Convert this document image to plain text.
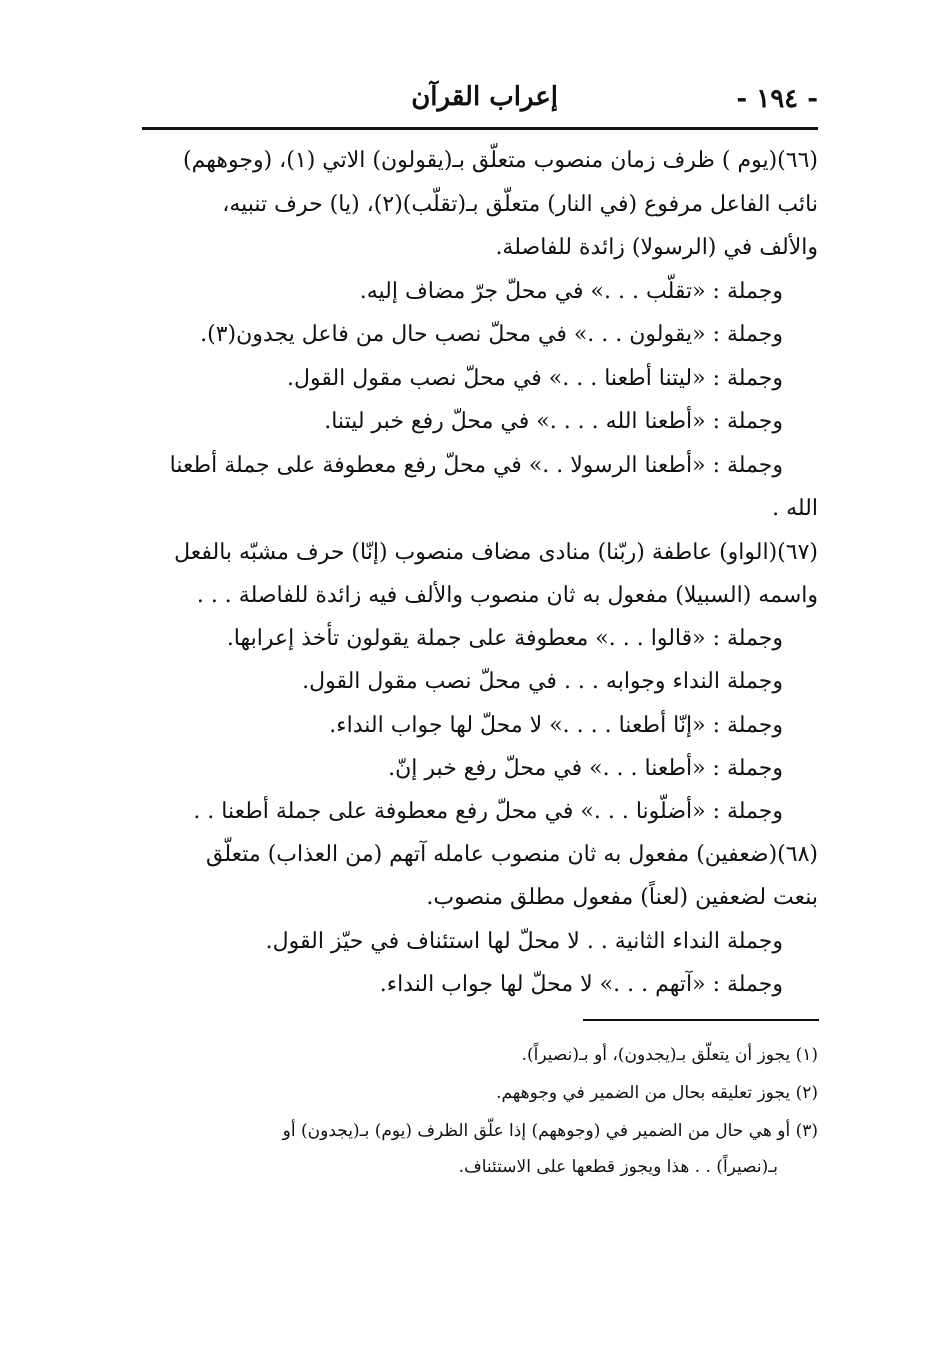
- ١٩٤ -
إعراب القرآن
(٦٦)(يوم ) ظرف زمان منصوب متعلّق بـ(يقولون) الاتي (١)، (وجوههم)
نائب الفاعل مرفوع (في النار) متعلّق بـ(تقلّب)(٢)، (يا) حرف تنبيه،
والألف في (الرسولا) زائدة للفاصلة.
وجملة : «تقلّب . . .» في محلّ جرّ مضاف إليه.
وجملة : «يقولون . . .» في محلّ نصب حال من فاعل يجدون(٣).
وجملة : «ليتنا أطعنا . . .» في محلّ نصب مقول القول.
وجملة : «أطعنا الله . . . .» في محلّ رفع خبر ليتنا.
وجملة : «أطعنا الرسولا . .» في محلّ رفع معطوفة على جملة أطعنا
الله .
(٦٧)(الواو) عاطفة (ربّنا) منادى مضاف منصوب (إنّا) حرف مشبّه بالفعل
واسمه (السبيلا) مفعول به ثان منصوب والألف فيه زائدة للفاصلة . . .
وجملة : «قالوا . . .» معطوفة على جملة يقولون تأخذ إعرابها.
وجملة النداء وجوابه . . . في محلّ نصب مقول القول.
وجملة : «إنّا أطعنا . . . .» لا محلّ لها جواب النداء.
وجملة : «أطعنا . . .» في محلّ رفع خبر إنّ.
وجملة : «أضلّونا . . .» في محلّ رفع معطوفة على جملة أطعنا . .
(٦٨)(ضعفين) مفعول به ثان منصوب عامله آتهم (من العذاب) متعلّق
بنعت لضعفين (لعناً) مفعول مطلق منصوب.
وجملة النداء الثانية . . لا محلّ لها استئناف في حيّز القول.
وجملة : «آتهم . . .» لا محلّ لها جواب النداء.
(١) يجوز أن يتعلّق بـ(يجدون)، أو بـ(نصيراً).
(٢) يجوز تعليقه بحال من الضمير في وجوههم.
(٣) أو هي حال من الضمير في (وجوههم) إذا علّق الظرف (يوم) بـ(يجدون) أو
بـ(نصيراً) . . هذا ويجوز قطعها على الاستئناف.
